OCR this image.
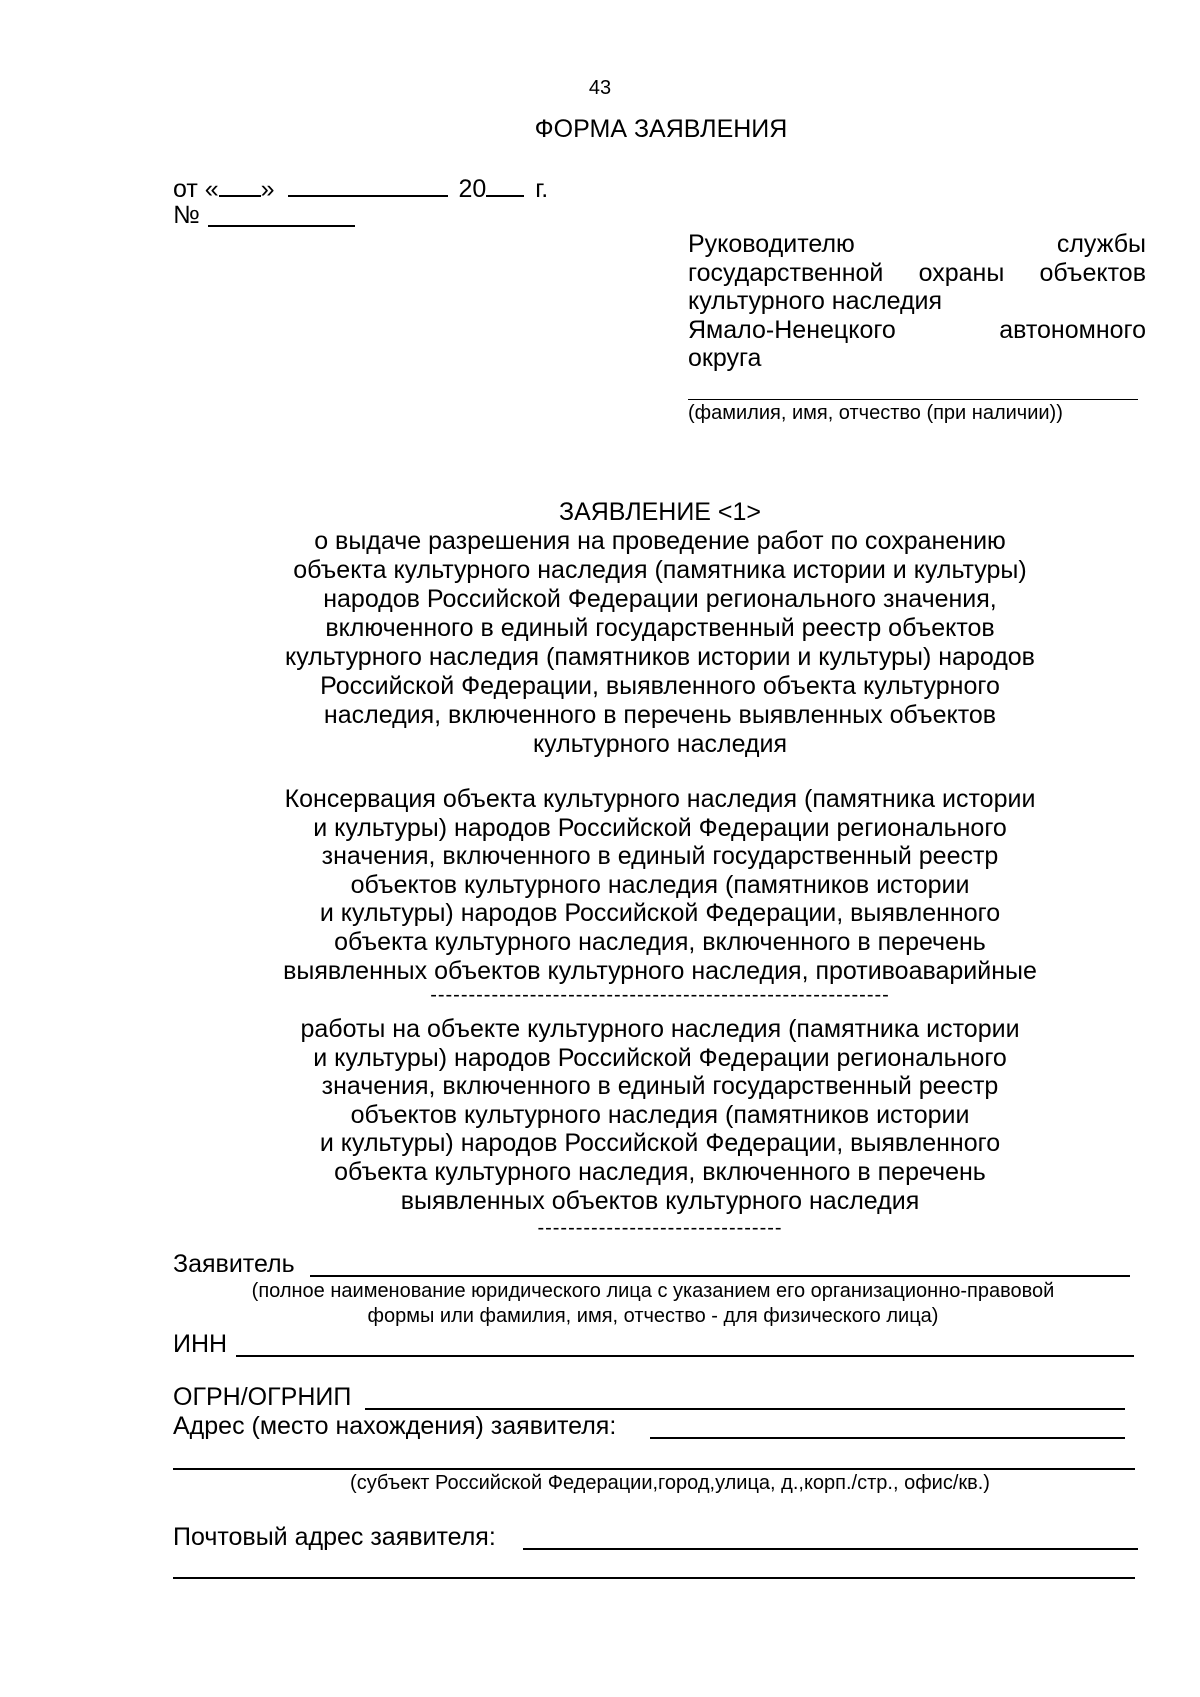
43
ФОРМА ЗАЯВЛЕНИЯ
от « »	20 г.
№
Руководителю службы
государственной охраны объектов
культурного наследия
Ямало-Ненецкого автономного
округа
(фамилия, имя, отчество (при наличии))
ЗАЯВЛЕНИЕ <1>
о выдаче разрешения на проведение работ по сохранению
объекта культурного наследия (памятника истории и культуры)
народов Российской Федерации регионального значения,
включенного в единый государственный реестр объектов
культурного наследия (памятников истории и культуры) народов
Российской Федерации, выявленного объекта культурного
наследия, включенного в перечень выявленных объектов
культурного наследия
Консервация объекта культурного наследия (памятника истории
и культуры) народов Российской Федерации регионального
значения, включенного в единый государственный реестр
объектов культурного наследия (памятников истории
и культуры) народов Российской Федерации, выявленного
объекта культурного наследия, включенного в перечень
выявленных объектов культурного наследия, противоаварийные
------------------------------------------------------------
работы на объекте культурного наследия (памятника истории
и культуры) народов Российской Федерации регионального
значения, включенного в единый государственный реестр
объектов культурного наследия (памятников истории
и культуры) народов Российской Федерации, выявленного
объекта культурного наследия, включенного в перечень
выявленных объектов культурного наследия
--------------------------------
Заявитель
(полное наименование юридического лица с указанием его организационно-правовой
формы или фамилия, имя, отчество - для физического лица)
ИНН
ОГРН/ОГРНИП
Адрес (место нахождения) заявителя:
(субъект Российской Федерации,город,улица, д.,корп./стр., офис/кв.)
Почтовый адрес заявителя:
